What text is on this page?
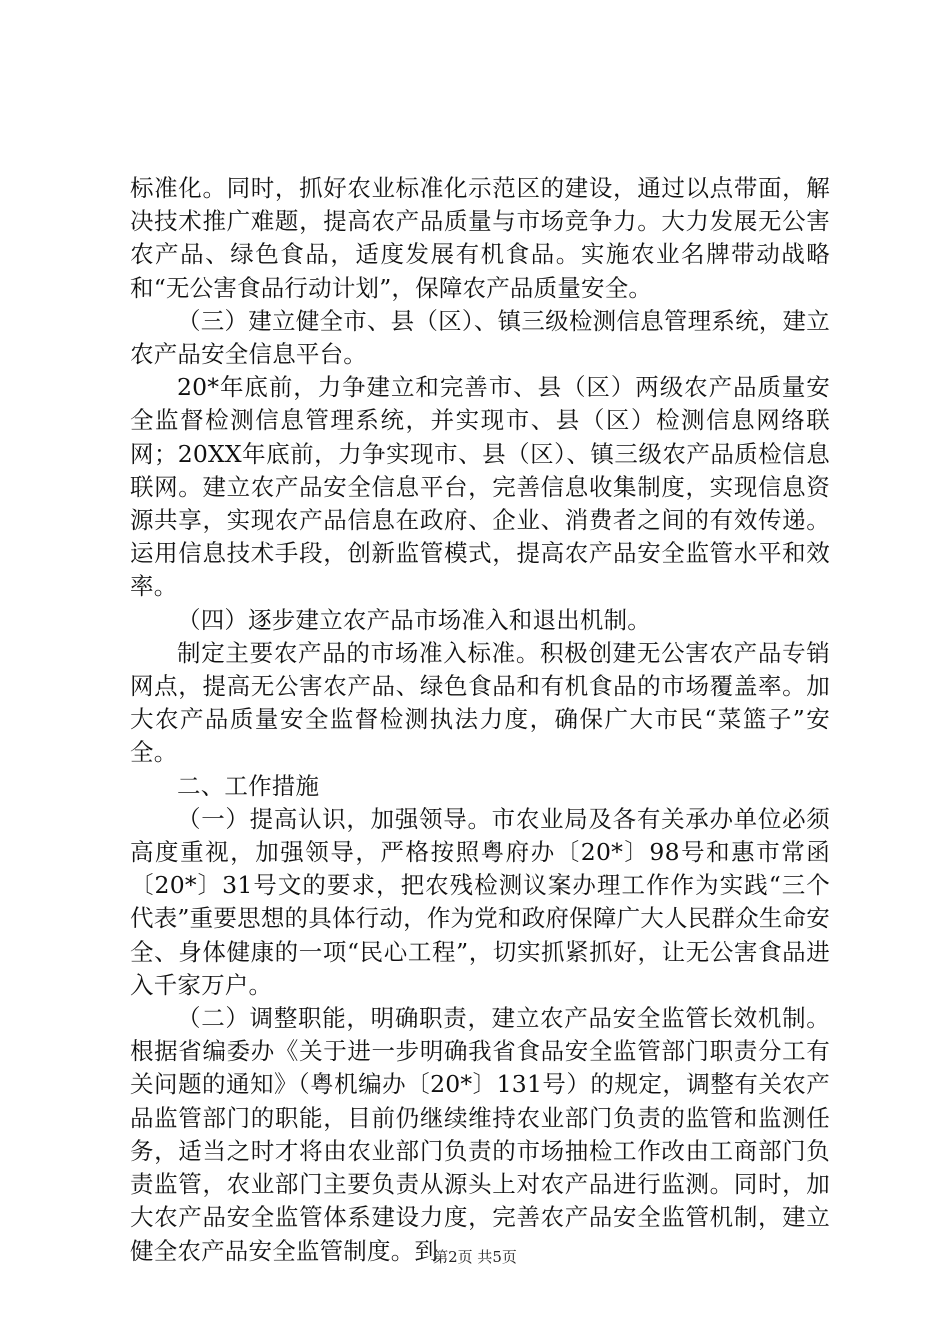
标准化。同时，抓好农业标准化示范区的建设，通过以点带面，解决技术推广难题，提高农产品质量与市场竞争力。大力发展无公害农产品、绿色食品，适度发展有机食品。实施农业名牌带动战略和“无公害食品行动计划”，保障农产品质量安全。

（三）建立健全市、县（区）、镇三级检测信息管理系统，建立农产品安全信息平台。

20*年底前，力争建立和完善市、县（区）两级农产品质量安全监督检测信息管理系统，并实现市、县（区）检测信息网络联网；20XX年底前，力争实现市、县（区）、镇三级农产品质检信息联网。建立农产品安全信息平台，完善信息收集制度，实现信息资源共享，实现农产品信息在政府、企业、消费者之间的有效传递。运用信息技术手段，创新监管模式，提高农产品安全监管水平和效率。

（四）逐步建立农产品市场准入和退出机制。

制定主要农产品的市场准入标准。积极创建无公害农产品专销网点，提高无公害农产品、绿色食品和有机食品的市场覆盖率。加大农产品质量安全监督检测执法力度，确保广大市民“菜篮子”安全。

二、工作措施

（一）提高认识，加强领导。市农业局及各有关承办单位必须高度重视，加强领导，严格按照粤府办〔20*〕98号和惠市常函〔20*〕31号文的要求，把农残检测议案办理工作作为实践“三个代表”重要思想的具体行动，作为党和政府保障广大人民群众生命安全、身体健康的一项“民心工程”，切实抓紧抓好，让无公害食品进入千家万户。

（二）调整职能，明确职责，建立农产品安全监管长效机制。根据省编委办《关于进一步明确我省食品安全监管部门职责分工有关问题的通知》（粤机编办〔20*〕131号）的规定，调整有关农产品监管部门的职能，目前仍继续维持农业部门负责的监管和监测任务，适当之时才将由农业部门负责的市场抽检工作改由工商部门负责监管，农业部门主要负责从源头上对农产品进行监测。同时，加大农产品安全监管体系建设力度，完善农产品安全监管机制，建立健全农产品安全监管制度。到

第2页 共5页
